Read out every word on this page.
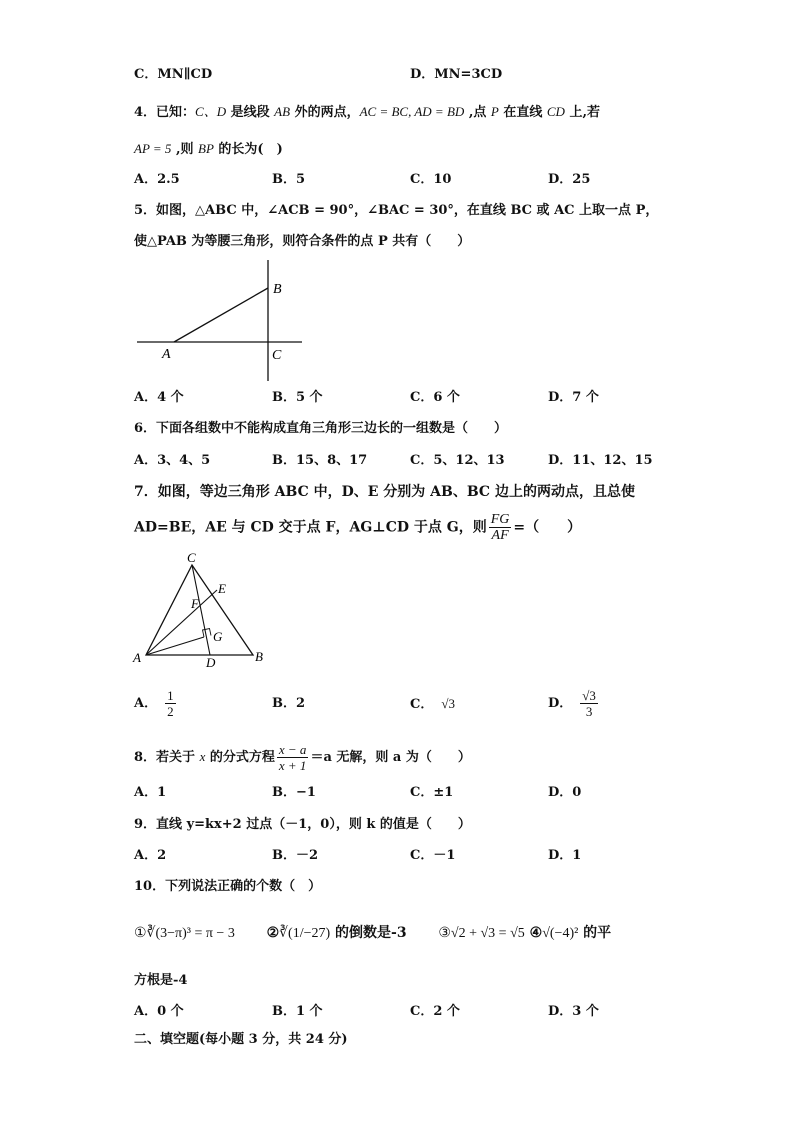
C．MN∥CD	D．MN=3CD
4．已知：C、D 是线段 AB 外的两点，AC = BC, AD = BD ,点 P 在直线 CD 上,若
AP = 5 ,则 BP 的长为(　)
A．2.5	B．5	C．10	D．25
5．如图，△ABC 中，∠ACB = 90°，∠BAC = 30°，在直线 BC 或 AC 上取一点 P，
使△PAB 为等腰三角形，则符合条件的点 P 共有（　　）
B
A	C
A．4 个	B．5 个	C．6 个	D．7 个
6．下面各组数中不能构成直角三角形三边长的一组数是（　　）
A．3、4、5	B．15、8、17	C．5、12、13	D．11、12、15
7．如图，等边三角形 ABC 中，D、E 分别为 AB、BC 边上的两动点，且总使
AD=BE，AE 与 CD 交于点 F，AG⊥CD 于点 G，则 $\frac{FG}{AF}$ =（　　）
C
E
F
G
A	D	B
A． $\frac{1}{2}$	B．2	C． √3	D． $\frac{√3}{3}$
8．若关于 x 的分式方程 $\frac{x - a}{x + 1} =a$ 无解，则 a 为（　　）
A．1	B．−1	C．±1	D．0
9．直线 y=kx+2 过点（－1，0），则 k 的值是（　　）
A．2	B．－2	C．－1	D．1
10．下列说法正确的个数（　）
①∛(3−π)³ = π − 3 ②∛(1/−27) 的倒数是-3 ③√2 + √3 = √5 ④√(−4)² 的平
方根是-4
A．0 个	B．1 个	C．2 个	D．3 个
二、填空题(每小题 3 分，共 24 分)
